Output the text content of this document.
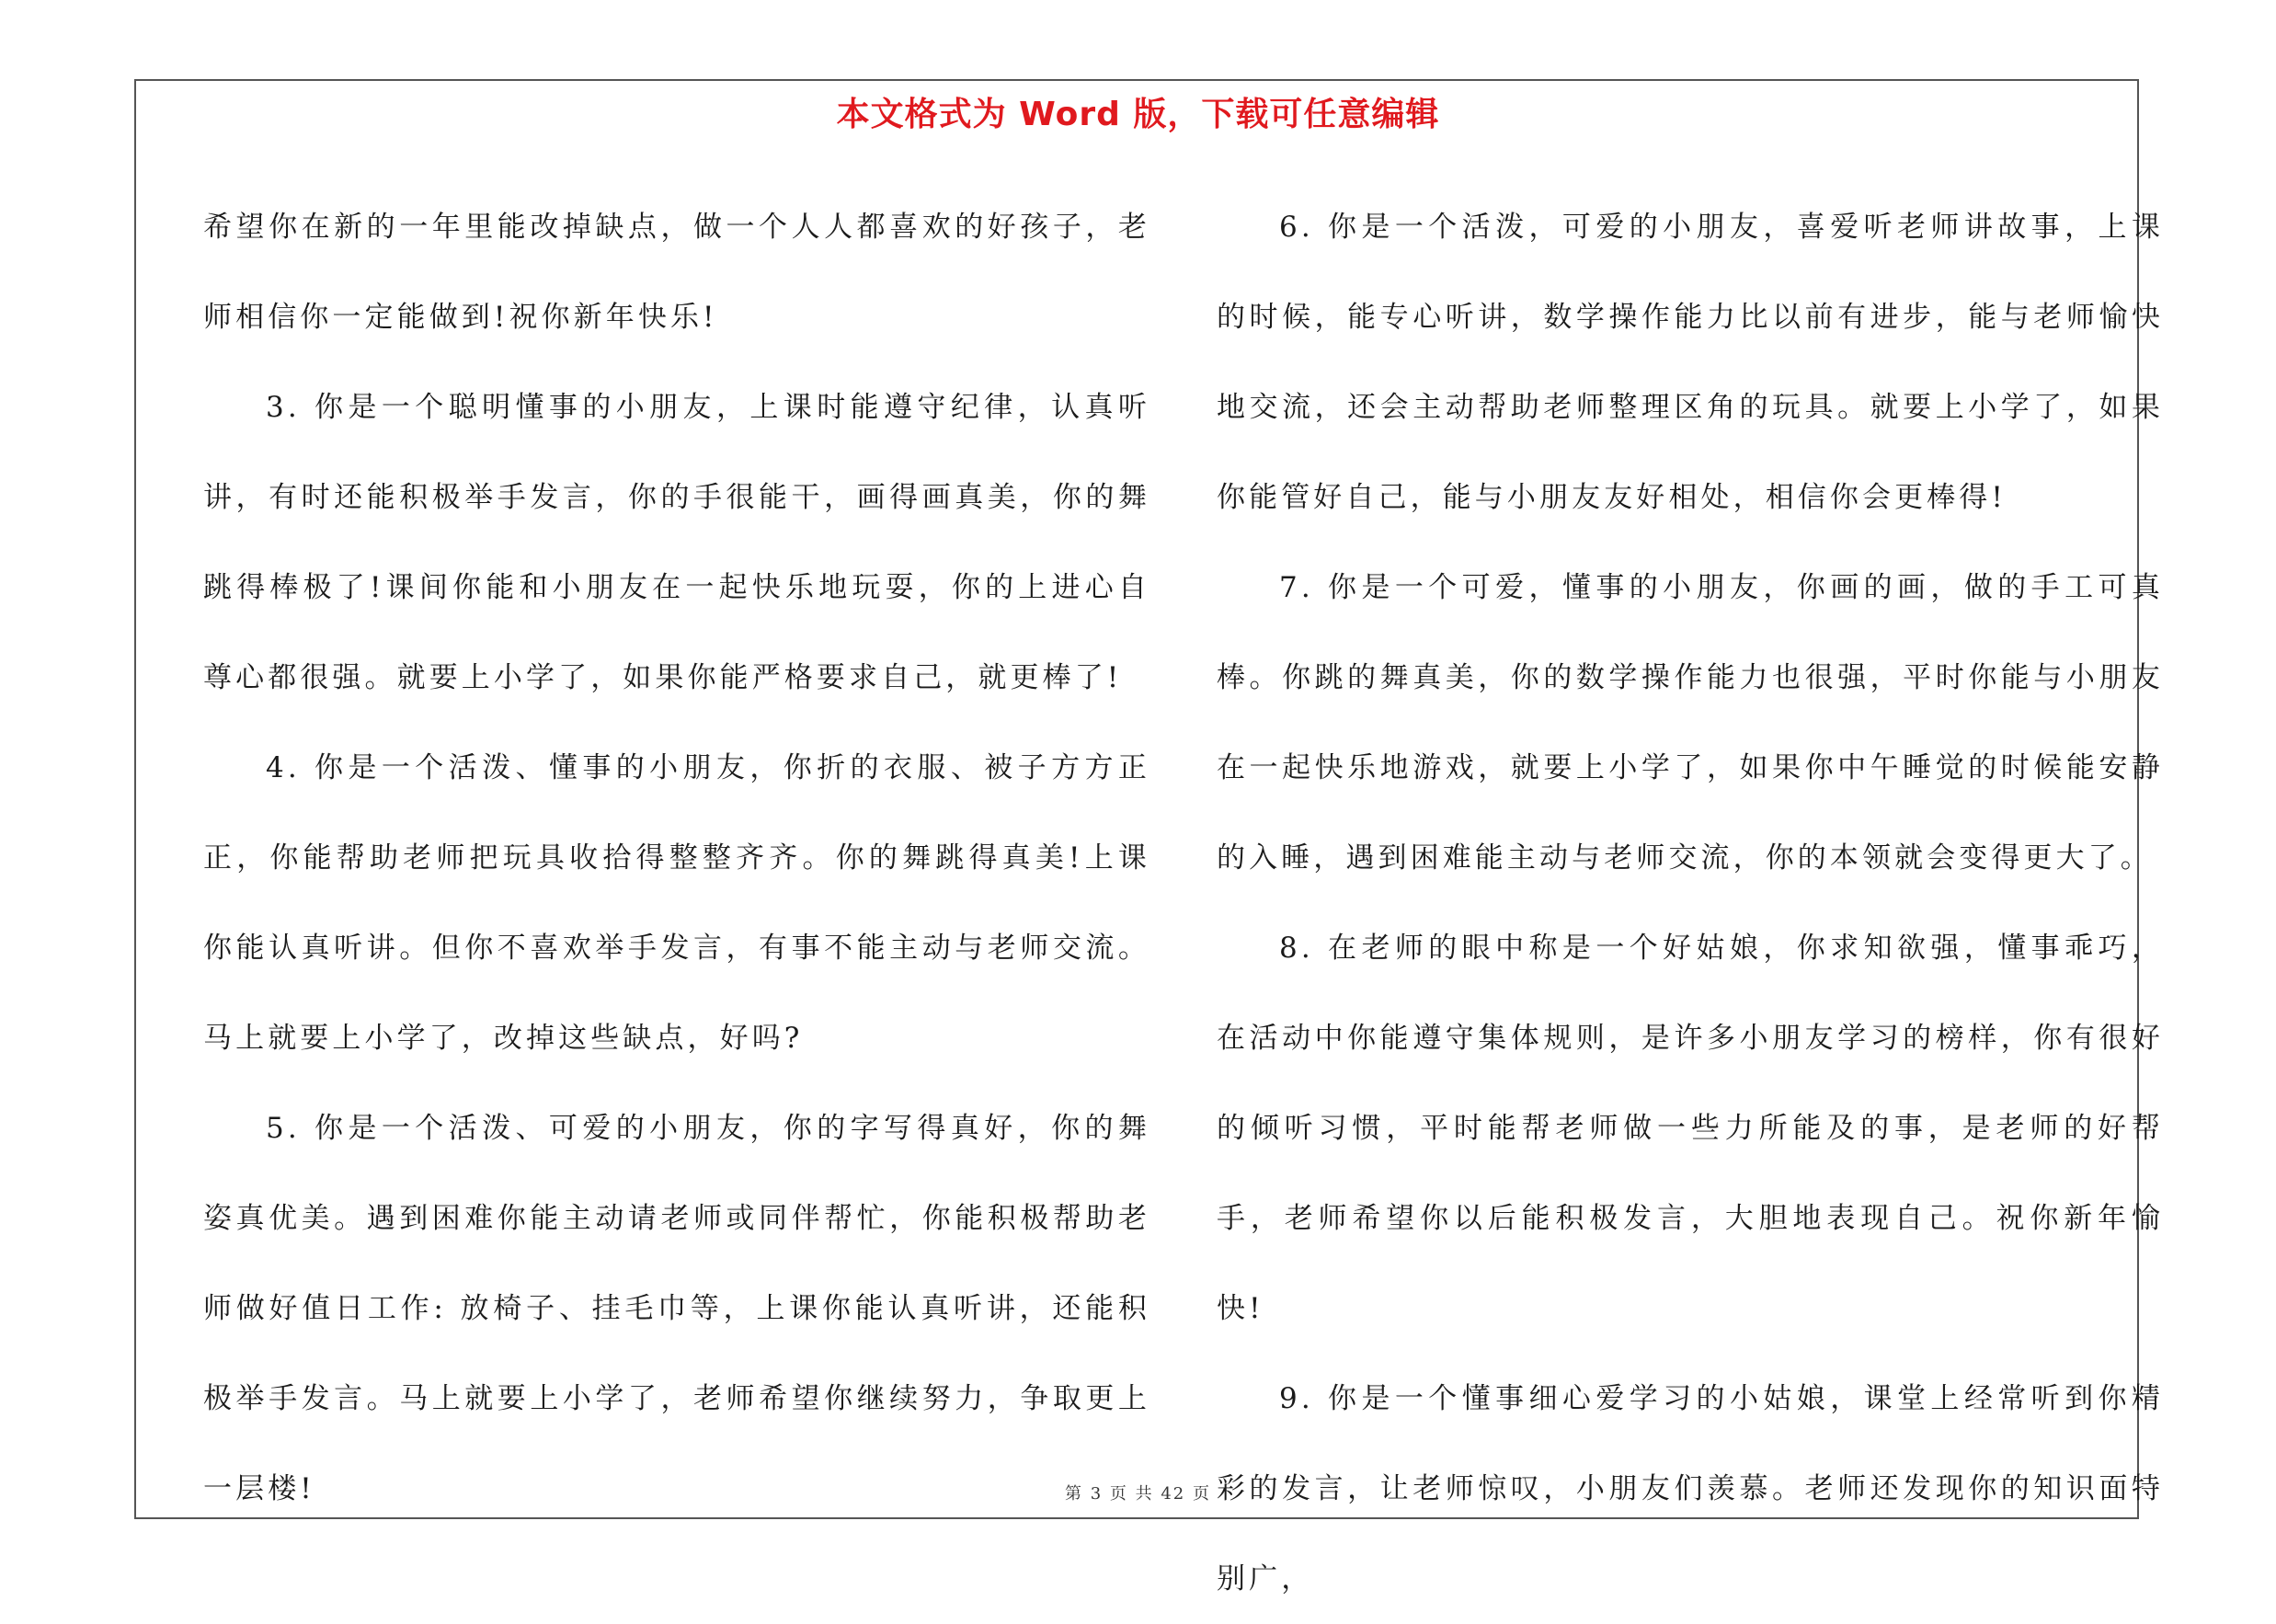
本文格式为 Word 版，下载可任意编辑

希望你在新的一年里能改掉缺点，做一个人人都喜欢的好孩子，老师相信你一定能做到!祝你新年快乐!

3. 你是一个聪明懂事的小朋友，上课时能遵守纪律，认真听讲，有时还能积极举手发言，你的手很能干，画得画真美，你的舞跳得棒极了!课间你能和小朋友在一起快乐地玩耍，你的上进心自尊心都很强。就要上小学了，如果你能严格要求自己，就更棒了!

4. 你是一个活泼、懂事的小朋友，你折的衣服、被子方方正正，你能帮助老师把玩具收拾得整整齐齐。你的舞跳得真美!上课你能认真听讲。但你不喜欢举手发言，有事不能主动与老师交流。马上就要上小学了，改掉这些缺点，好吗?

5. 你是一个活泼、可爱的小朋友，你的字写得真好，你的舞姿真优美。遇到困难你能主动请老师或同伴帮忙，你能积极帮助老师做好值日工作: 放椅子、挂毛巾等，上课你能认真听讲，还能积极举手发言。马上就要上小学了，老师希望你继续努力，争取更上一层楼!

6. 你是一个活泼，可爱的小朋友，喜爱听老师讲故事，上课的时候，能专心听讲，数学操作能力比以前有进步，能与老师愉快地交流，还会主动帮助老师整理区角的玩具。就要上小学了，如果你能管好自己，能与小朋友友好相处，相信你会更棒得!

7. 你是一个可爱，懂事的小朋友，你画的画，做的手工可真棒。你跳的舞真美，你的数学操作能力也很强，平时你能与小朋友在一起快乐地游戏，就要上小学了，如果你中午睡觉的时候能安静的入睡，遇到困难能主动与老师交流，你的本领就会变得更大了。

8. 在老师的眼中称是一个好姑娘，你求知欲强，懂事乖巧，在活动中你能遵守集体规则，是许多小朋友学习的榜样，你有很好的倾听习惯，平时能帮老师做一些力所能及的事，是老师的好帮手，老师希望你以后能积极发言，大胆地表现自己。祝你新年愉快!

9. 你是一个懂事细心爱学习的小姑娘，课堂上经常听到你精彩的发言，让老师惊叹，小朋友们羡慕。老师还发现你的知识面特别广，

第 3 页 共 42 页
